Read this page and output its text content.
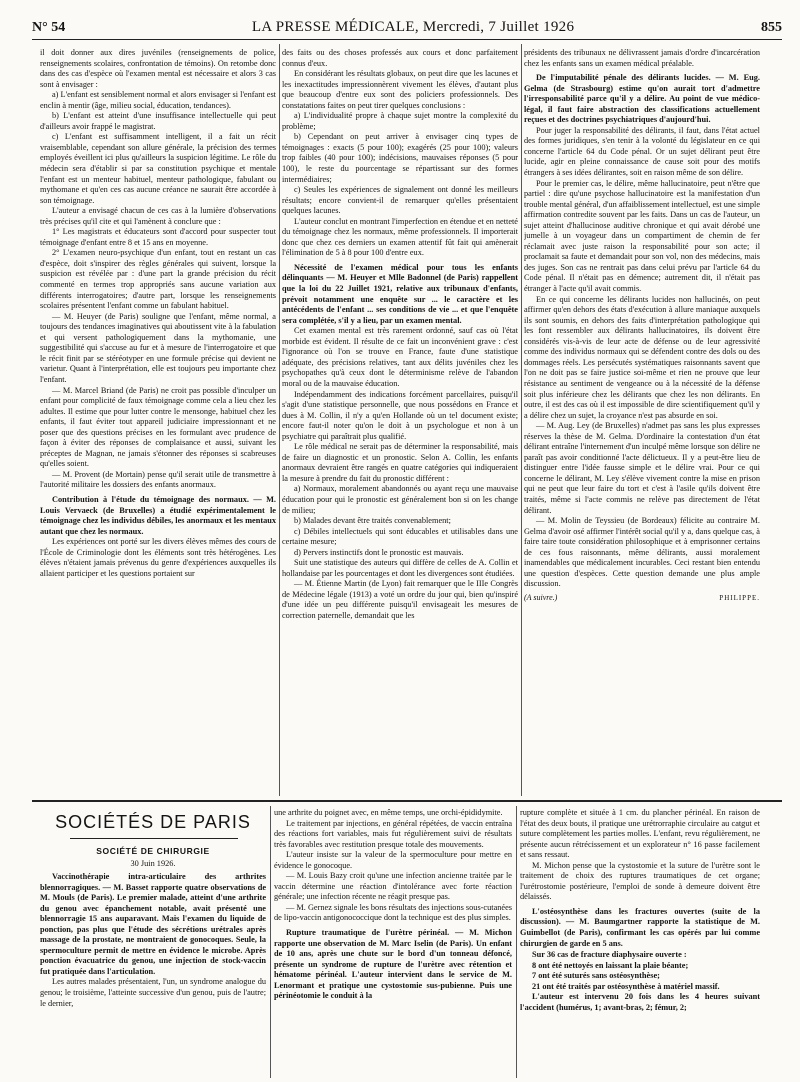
N° 54	LA PRESSE MÉDICALE, Mercredi, 7 Juillet 1926	855

il doit donner aux dires juvéniles (renseignements de police, renseignements scolaires, confrontation de témoins). On retombe donc dans des cas d'espèce où l'examen mental est nécessaire et alors 3 cas sont à envisager :

a) L'enfant est sensiblement normal et alors envisager si l'enfant est enclin à mentir (âge, milieu social, éducation, tendances).

b) L'enfant est atteint d'une insuffisance intellectuelle qui peut d'ailleurs avoir frappé le magistrat.

c) L'enfant est suffisamment intelligent, il a fait un récit vraisemblable, cependant son allure générale, la précision des termes employés éveillent ici plus qu'ailleurs la suspicion légitime. Le rôle du médecin sera d'établir si par sa constitution psychique et mentale l'enfant est un menteur habituel, menteur pathologique, fabulant ou mythomane et qu'en ces cas aucune créance ne saurait être accordée à son témoignage.

L'auteur a envisagé chacun de ces cas à la lumière d'observations très précises qu'il cite et qui l'amènent à conclure que :

1° Les magistrats et éducateurs sont d'accord pour suspecter tout témoignage d'enfant entre 8 et 15 ans en moyenne.

2° L'examen neuro-psychique d'un enfant, tout en restant un cas d'espèce, doit s'inspirer des règles générales qui suivent, lorsque la suspicion est révélée par : d'une part la grande précision du récit commenté en termes trop appropriés sans aucune variation aux différents interrogatoires; d'autre part, lorsque les renseignements scolaires présentent l'enfant comme un fabulant habituel.

— M. Heuyer (de Paris) souligne que l'enfant, même normal, a toujours des tendances imaginatives qui aboutissent vite à la fabulation et qui versent pathologiquement dans la mythomanie, une suggestibilité qui s'accuse au fur et à mesure de l'interrogatoire et que le récit finit par se stéréotyper en une formule précise qui devient ne varietur. Quant à l'interprétation, elle est toujours peu importante chez l'enfant.

— M. Marcel Briand (de Paris) ne croit pas possible d'inculper un enfant pour complicité de faux témoignage comme cela a lieu chez les adultes. Il estime que pour lutter contre le mensonge, habituel chez les enfants, il faut éviter tout appareil judiciaire impressionnant et ne poser que des questions précises en les formulant avec prudence de façon à éviter des réponses de complaisance et aussi, suivant les préceptes de Magnan, ne jamais s'étonner des réponses si scabreuses qu'elles soient.

— M. Provent (de Mortain) pense qu'il serait utile de transmettre à l'autorité militaire les dossiers des enfants anormaux.

Contribution à l'étude du témoignage des normaux. — M. Louis Vervaeck (de Bruxelles) a étudié expérimentalement le témoignage chez les individus débiles, les anormaux et les mentaux autant que chez les normaux.

Les expériences ont porté sur les divers élèves mêmes des cours de l'École de Criminologie dont les éléments sont très hétérogènes. Les élèves n'étaient jamais prévenus du genre d'expériences auxquelles ils allaient participer et les questions portaient sur

des faits ou des choses professés aux cours et donc parfaitement connus d'eux.

En considérant les résultats globaux, on peut dire que les lacunes et les inexactitudes impressionnèrent vivement les élèves, d'autant plus que beaucoup d'entre eux sont des policiers professionnels. Des constatations faites on peut tirer quelques conclusions :

a) L'individualité propre à chaque sujet montre la complexité du problème;

b) Cependant on peut arriver à envisager cinq types de témoignages : exacts (5 pour 100); exagérés (25 pour 100); valeurs trop faibles (40 pour 100); indécisions, mauvaises réponses (5 pour 100), le reste du pourcentage se répartissant sur des formes intermédiaires;

c) Seules les expériences de signalement ont donné les meilleurs résultats; encore convient-il de remarquer qu'elles présentaient quelques lacunes.

L'auteur conclut en montrant l'imperfection en étendue et en netteté du témoignage chez les normaux, même professionnels. Il importerait donc que chez ces derniers un examen attentif fût fait qui amènerait l'élimination de 5 à 8 pour 100 d'entre eux.

Nécessité de l'examen médical pour tous les enfants délinquants — M. Heuyer et Mlle Badonnel (de Paris) rappellent que la loi du 22 Juillet 1921, relative aux tribunaux d'enfants, prévoit notamment une enquête sur ... le caractère et les antécédents de l'enfant ... ses conditions de vie ... et que l'enquête sera complétée, s'il y a lieu, par un examen mental.

Cet examen mental est très rarement ordonné, sauf cas où l'état morbide est évident. Il résulte de ce fait un inconvénient grave : c'est l'ignorance où l'on se trouve en France, faute d'une statistique adéquate, des précisions relatives, tant aux délits juvéniles chez les psychopathes qu'à ceux dont le déterminisme relève de l'abandon moral ou de la mauvaise éducation.

Indépendamment des indications forcément parcellaires, puisqu'il s'agit d'une statistique personnelle, que nous possédons en France et dues à M. Collin, il n'y a qu'en Hollande où un tel document existe; encore faut-il noter qu'on le doit à un psychologue et non à un psychiatre qui paraîtrait plus qualifié.

Le rôle médical ne serait pas de déterminer la responsabilité, mais de faire un diagnostic et un pronostic. Selon A. Collin, les enfants anormaux devraient être rangés en quatre catégories qui indiqueraient la mesure à prendre du fait du pronostic différent :

a) Normaux, moralement abandonnés ou ayant reçu une mauvaise éducation pour qui le pronostic est généralement bon si on les change de milieu;

b) Malades devant être traités convenablement;

c) Débiles intellectuels qui sont éducables et utilisables dans une certaine mesure;

d) Pervers instinctifs dont le pronostic est mauvais.

Suit une statistique des auteurs qui diffère de celles de A. Collin et hollandaise par les pourcentages et dont les divergences sont étudiées.

— M. Étienne Martin (de Lyon) fait remarquer que le IIIe Congrès de Médecine légale (1913) a voté un ordre du jour qui, bien qu'inspiré d'une idée un peu différente puisqu'il envisageait les mesures de correction paternelle, demandait que les

présidents des tribunaux ne délivrassent jamais d'ordre d'incarcération chez les enfants sans un examen médical préalable.

De l'imputabilité pénale des délirants lucides. — M. Eug. Gelma (de Strasbourg) estime qu'on aurait tort d'admettre l'irresponsabilité parce qu'il y a délire. Au point de vue médico-légal, il faut faire abstraction des classifications actuellement reçues et des doctrines psychiatriques d'aujourd'hui.

Pour juger la responsabilité des délirants, il faut, dans l'état actuel des formes juridiques, s'en tenir à la volonté du législateur en ce qui concerne l'article 64 du Code pénal. Or un sujet délirant peut être lucide, agir en pleine connaissance de cause soit pour des motifs étrangers à ses idées délirantes, soit en raison même de son délire.

Pour le premier cas, le délire, même hallucinatoire, peut n'être que partiel : dire qu'une psychose hallucinatoire est la manifestation d'un trouble mental général, d'un affaiblissement intellectuel, est une simple affirmation contredite souvent par les faits. Dans un cas de l'auteur, un sujet atteint d'hallucinose auditive chronique et qui avait dérobé une jumelle à un voyageur dans un compartiment de chemin de fer réclamait avec juste raison la responsabilité pour son acte; il proclamait sa faute et demandait pour son vol, non des médecins, mais des juges. Son cas ne rentrait pas dans celui prévu par l'article 64 du Code pénal. Il n'était pas en démence; autrement dit, il n'était pas étranger à l'acte qu'il avait commis.

En ce qui concerne les délirants lucides non hallucinés, on peut affirmer qu'en dehors des états d'exécution à allure maniaque auxquels ils sont soumis, en dehors des faits d'interprétation pathologique qui les font ressembler aux délirants hallucinatoires, ils doivent être considérés vis-à-vis de leur acte de défense ou de leur agressivité comme des individus normaux qui se défendent contre des dols ou des dommages réels. Les persécutés systématiques raisonnants savent que l'on ne doit pas se faire justice soi-même et rien ne prouve que leur résistance au sentiment de vengeance ou à la nécessité de la défense soit plus inférieure chez les délirants que chez les non délirants. En outre, il est des cas où il est impossible de dire scientifiquement qu'il y a délire chez un sujet, la croyance n'est pas absurde en soi.

— M. Aug. Ley (de Bruxelles) n'admet pas sans les plus expresses réserves la thèse de M. Gelma. D'ordinaire la contestation d'un état délirant entraîne l'internement d'un inculpé même lorsque son délire ne paraît pas avoir conditionné l'acte délictueux. Il y a peut-être lieu de distinguer entre l'idée fausse simple et le délire vrai. Pour ce qui concerne le délirant, M. Ley s'élève vivement contre la mise en prison qui ne peut que leur faire du tort et c'est à l'asile qu'ils doivent être traités, même si l'acte commis ne relève pas directement de l'état délirant.

— M. Molin de Teyssieu (de Bordeaux) félicite au contraire M. Gelma d'avoir osé affirmer l'intérêt social qu'il y a, dans quelque cas, à faire taire toute considération philosophique et à emprisonner certains de ces fous raisonnants, même délirants, aussi moralement inamendables que médicalement incurables. Ceci restant bien entendu une question d'espèces. Cette question demande une plus ample discussion.

(A suivre.)	PHILIPPE.
SOCIÉTÉS DE PARIS
SOCIÉTÉ DE CHIRURGIE
30 Juin 1926.

Vaccinothérapie intra-articulaire des arthrites blennorragiques. — M. Basset rapporte quatre observations de M. Mouls (de Paris). Le premier malade, atteint d'une arthrite du genou avec épanchement notable, avait présenté une blennorragie 15 ans auparavant. Mais l'examen du liquide de ponction, pas plus que l'étude des sécrétions urétrales après massage de la prostate, ne montraient de gonocoques. Seule, la spermoculture permit de mettre en évidence le microbe. Après ponction évacuatrice du genou, une injection de stock-vaccin fut pratiquée dans l'articulation.

Les autres malades présentaient, l'un, un syndrome analogue du genou; le troisième, l'atteinte successive d'un genou, puis de l'autre; le dernier,

une arthrite du poignet avec, en même temps, une orchi-épididymite.

Le traitement par injections, en général répétées, de vaccin entraîna des réactions fort variables, mais fut régulièrement suivi de résultats très favorables avec restitution presque totale des mouvements.

L'auteur insiste sur la valeur de la spermoculture pour mettre en évidence le gonocoque.

— M. Louis Bazy croit qu'une une infection ancienne traitée par le vaccin détermine une réaction d'intolérance avec forte réaction générale; une infection récente ne réagit presque pas.

— M. Gernez signale les bons résultats des injections sous-cutanées de lipo-vaccin antigonococcique dont la technique est des plus simples.

Rupture traumatique de l'urètre périnéal. — M. Michon rapporte une observation de M. Marc Iselin (de Paris). Un enfant de 10 ans, après une chute sur le bord d'un tonneau défoncé, présente un syndrome de rupture de l'urètre avec rétention et hématome périnéal. L'auteur intervient dans le service de M. Lenormant et pratique une cystostomie sus-pubienne. Puis une périnéotomie le conduit à la

rupture complète et située à 1 cm. du plancher périnéal. En raison de l'état des deux bouts, il pratique une urétrorraphie circulaire au catgut et suture complètement les parties molles. L'enfant, revu régulièrement, ne présente aucun rétrécissement et un explorateur n° 16 passe facilement et sans ressaut.

M. Michon pense que la cystostomie et la suture de l'urètre sont le traitement de choix des ruptures traumatiques de cet organe; l'urétrostomie postérieure, l'emploi de sonde à demeure doivent être délaissés.

L'ostéosynthèse dans les fractures ouvertes (suite de la discussion). — M. Baumgartner rapporte la statistique de M. Guimbellot (de Paris), confirmant les cas opérés par lui comme chirurgien de garde en 5 ans.

Sur 36 cas de fracture diaphysaire ouverte :

8 ont été nettoyés en laissant la plaie béante;

7 ont été suturés sans ostéosynthèse;

21 ont été traités par ostéosynthèse à matériel massif.

L'auteur est intervenu 20 fois dans les 4 heures suivant l'accident (humérus, 1; avant-bras, 2; fémur, 2;
